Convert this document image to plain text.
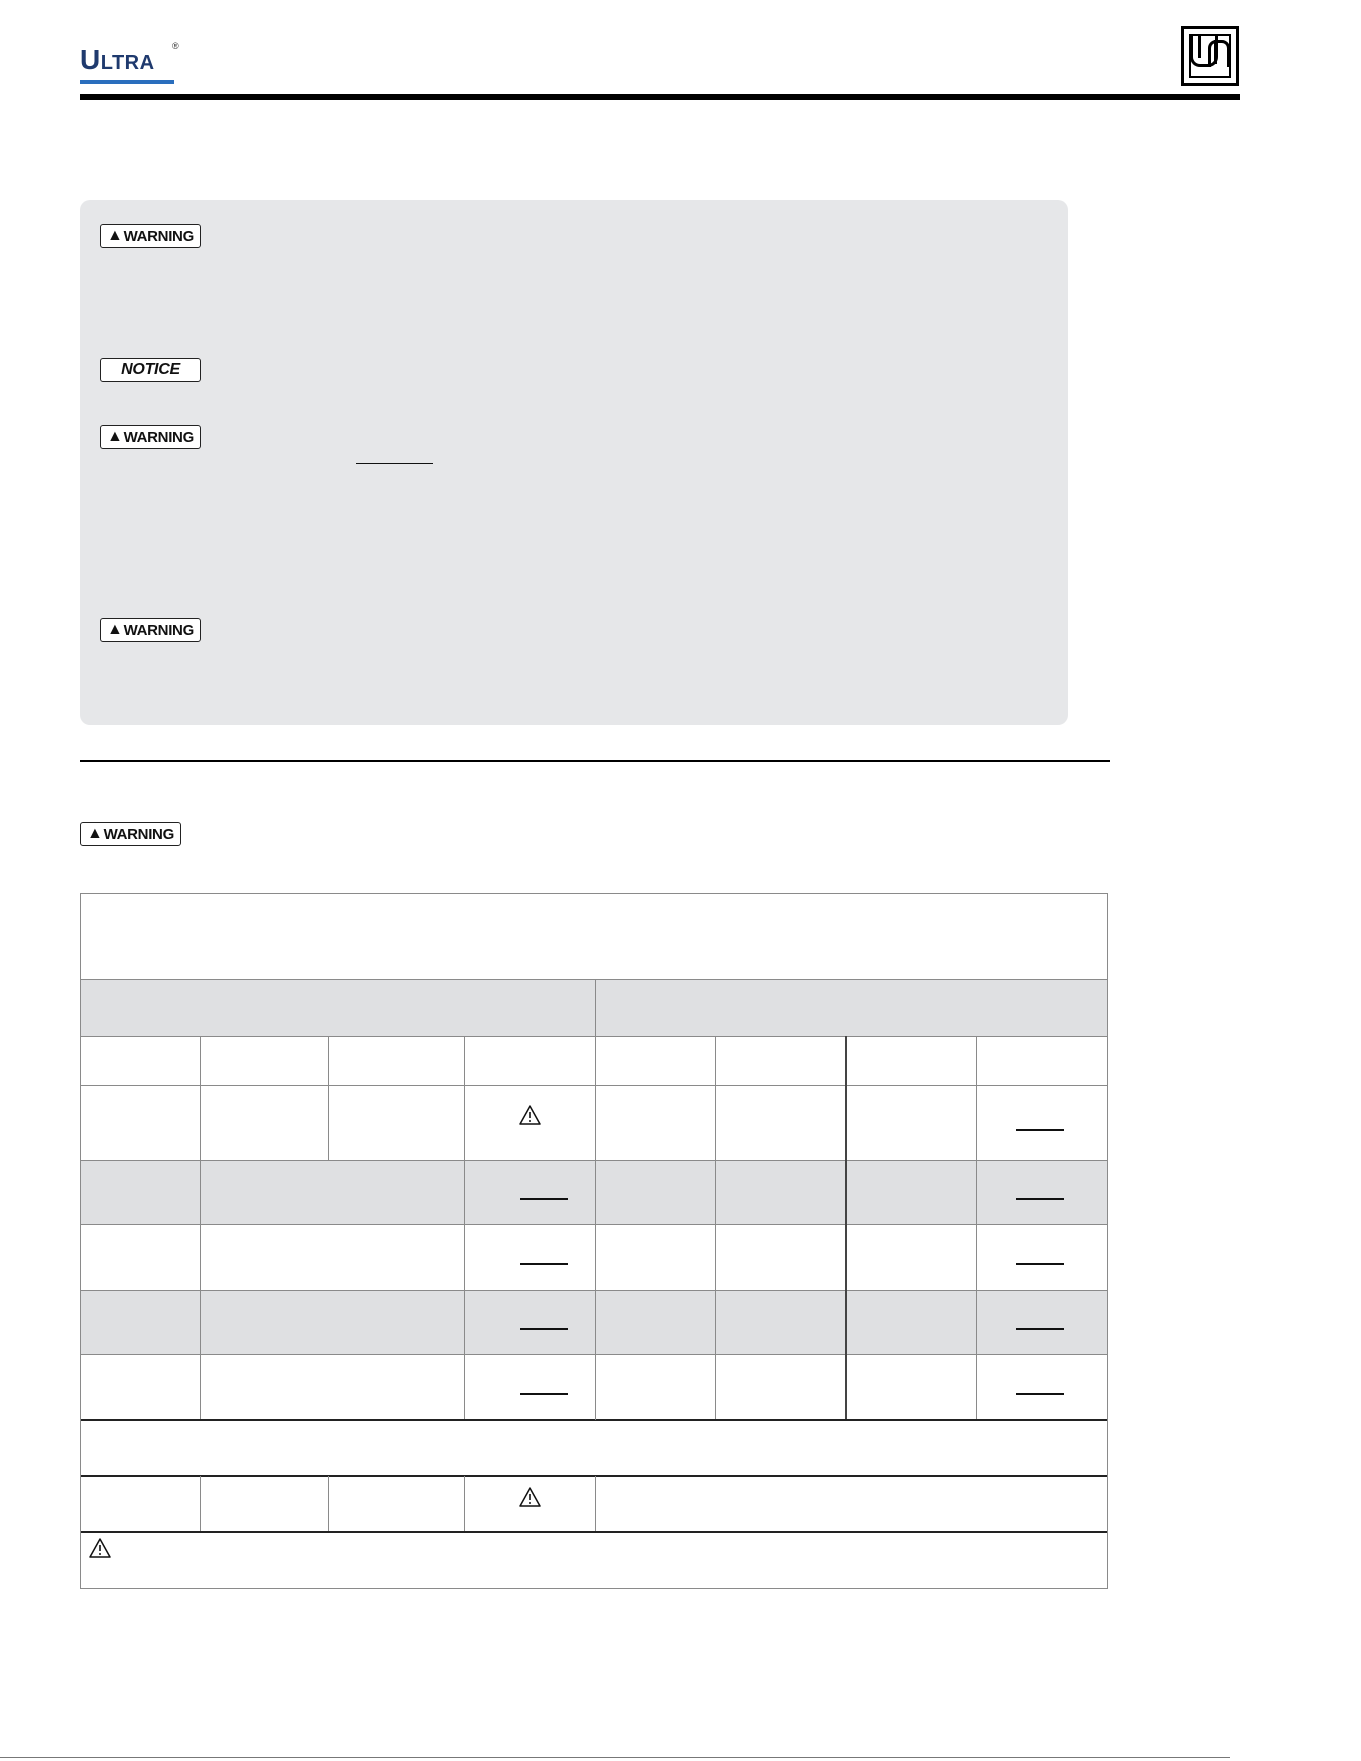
ULTRA
®
▲ WARNING
NOTICE
▲ WARNING
▲ WARNING
▲ WARNING
